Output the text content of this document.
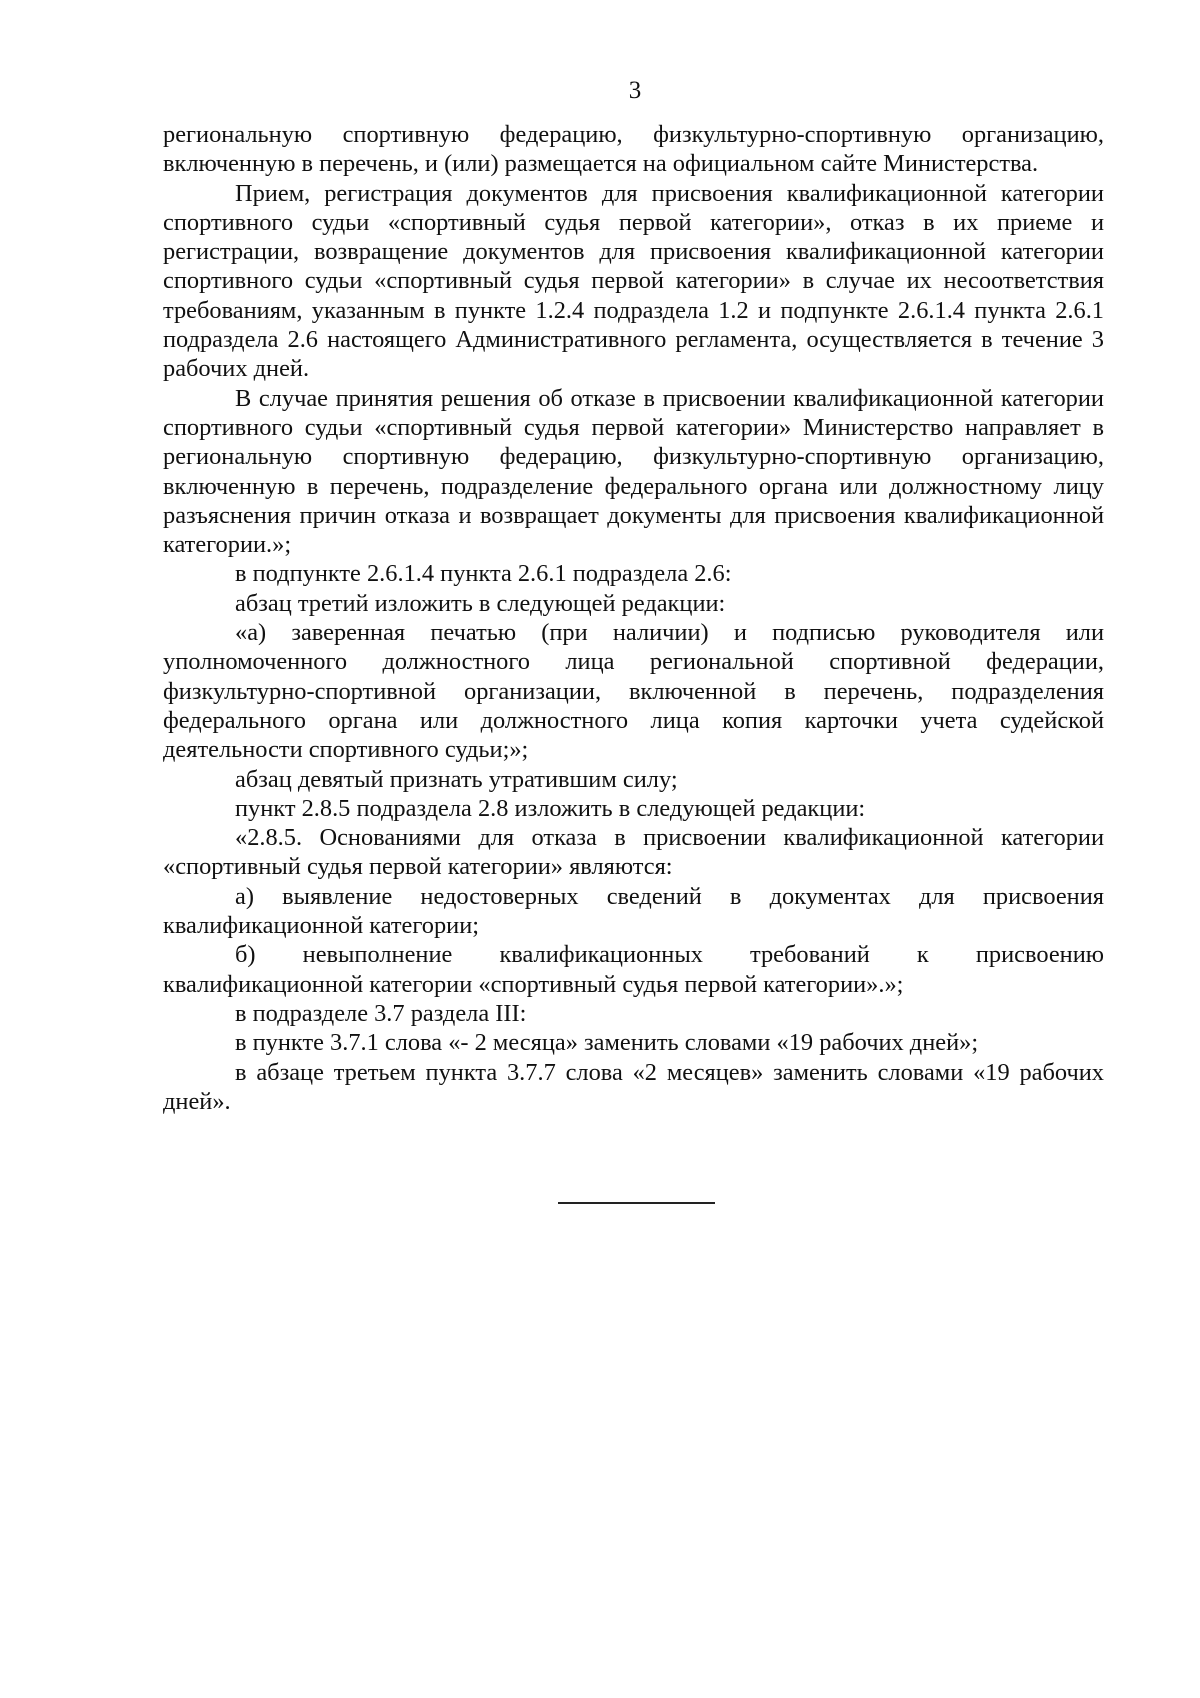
3

региональную спортивную федерацию, физкультурно-спортивную организацию, включенную в перечень, и (или) размещается на официальном сайте Министерства.

Прием, регистрация документов для присвоения квалификационной категории спортивного судьи «спортивный судья первой категории», отказ в их приеме и регистрации, возвращение документов для присвоения квалификационной категории спортивного судьи «спортивный судья первой категории» в случае их несоответствия требованиям, указанным в пункте 1.2.4 подраздела 1.2 и подпункте 2.6.1.4 пункта 2.6.1 подраздела 2.6 настоящего Административного регламента, осуществляется в течение 3 рабочих дней.

В случае принятия решения об отказе в присвоении квалификационной категории спортивного судьи «спортивный судья первой категории» Министерство направляет в региональную спортивную федерацию, физкультурно-спортивную организацию, включенную в перечень, подразделение федерального органа или должностному лицу разъяснения причин отказа и возвращает документы для присвоения квалификационной категории.»;

в подпункте 2.6.1.4 пункта 2.6.1 подраздела 2.6:

абзац третий изложить в следующей редакции:

«а) заверенная печатью (при наличии) и подписью руководителя или уполномоченного должностного лица региональной спортивной федерации, физкультурно-спортивной организации, включенной в перечень, подразделения федерального органа или должностного лица копия карточки учета судейской деятельности спортивного судьи;»;

абзац девятый признать утратившим силу;

пункт 2.8.5 подраздела 2.8 изложить в следующей редакции:

«2.8.5. Основаниями для отказа в присвоении квалификационной категории «спортивный судья первой категории» являются:

а) выявление недостоверных сведений в документах для присвоения квалификационной категории;

б) невыполнение квалификационных требований к присвоению квалификационной категории «спортивный судья первой категории».»;

в подразделе 3.7 раздела III:

в пункте 3.7.1 слова «- 2 месяца» заменить словами «19 рабочих дней»;

в абзаце третьем пункта 3.7.7 слова «2 месяцев» заменить словами «19 рабочих дней».
